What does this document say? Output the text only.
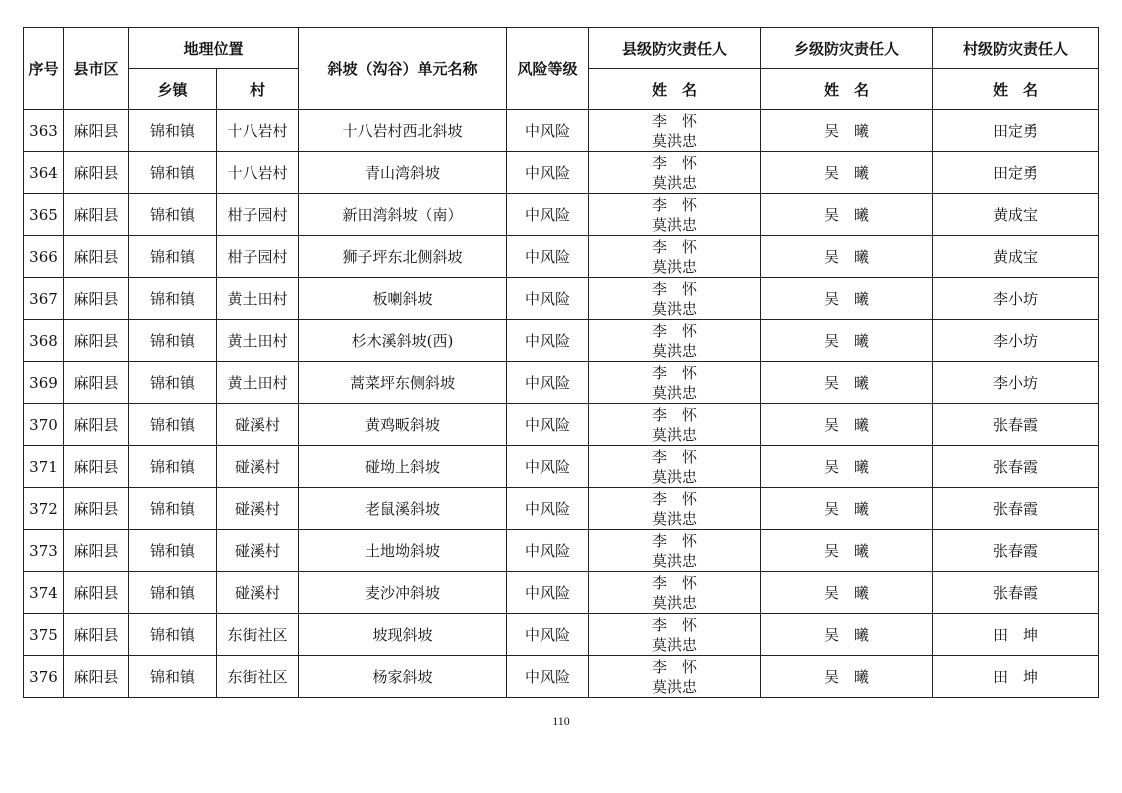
序号	县市区	地理位置		斜坡（沟谷）单元名称	风险等级	县级防灾责任人	乡级防灾责任人	村级防灾责任人
		乡镇	村			姓　名	姓　名	姓　名
363	麻阳县	锦和镇	十八岩村	十八岩村西北斜坡	中风险	李　怀
莫洪忠	吴　曦	田定勇
364	麻阳县	锦和镇	十八岩村	青山湾斜坡	中风险	李　怀
莫洪忠	吴　曦	田定勇
365	麻阳县	锦和镇	柑子园村	新田湾斜坡（南）	中风险	李　怀
莫洪忠	吴　曦	黄成宝
366	麻阳县	锦和镇	柑子园村	狮子坪东北侧斜坡	中风险	李　怀
莫洪忠	吴　曦	黄成宝
367	麻阳县	锦和镇	黄土田村	板喇斜坡	中风险	李　怀
莫洪忠	吴　曦	李小坊
368	麻阳县	锦和镇	黄土田村	杉木溪斜坡(西)	中风险	李　怀
莫洪忠	吴　曦	李小坊
369	麻阳县	锦和镇	黄土田村	蒿菜坪东侧斜坡	中风险	李　怀
莫洪忠	吴　曦	李小坊
370	麻阳县	锦和镇	碰溪村	黄鸡畈斜坡	中风险	李　怀
莫洪忠	吴　曦	张春霞
371	麻阳县	锦和镇	碰溪村	碰坳上斜坡	中风险	李　怀
莫洪忠	吴　曦	张春霞
372	麻阳县	锦和镇	碰溪村	老鼠溪斜坡	中风险	李　怀
莫洪忠	吴　曦	张春霞
373	麻阳县	锦和镇	碰溪村	土地坳斜坡	中风险	李　怀
莫洪忠	吴　曦	张春霞
374	麻阳县	锦和镇	碰溪村	麦沙冲斜坡	中风险	李　怀
莫洪忠	吴　曦	张春霞
375	麻阳县	锦和镇	东街社区	坡现斜坡	中风险	李　怀
莫洪忠	吴　曦	田　坤
376	麻阳县	锦和镇	东街社区	杨家斜坡	中风险	李　怀
莫洪忠	吴　曦	田　坤
110
